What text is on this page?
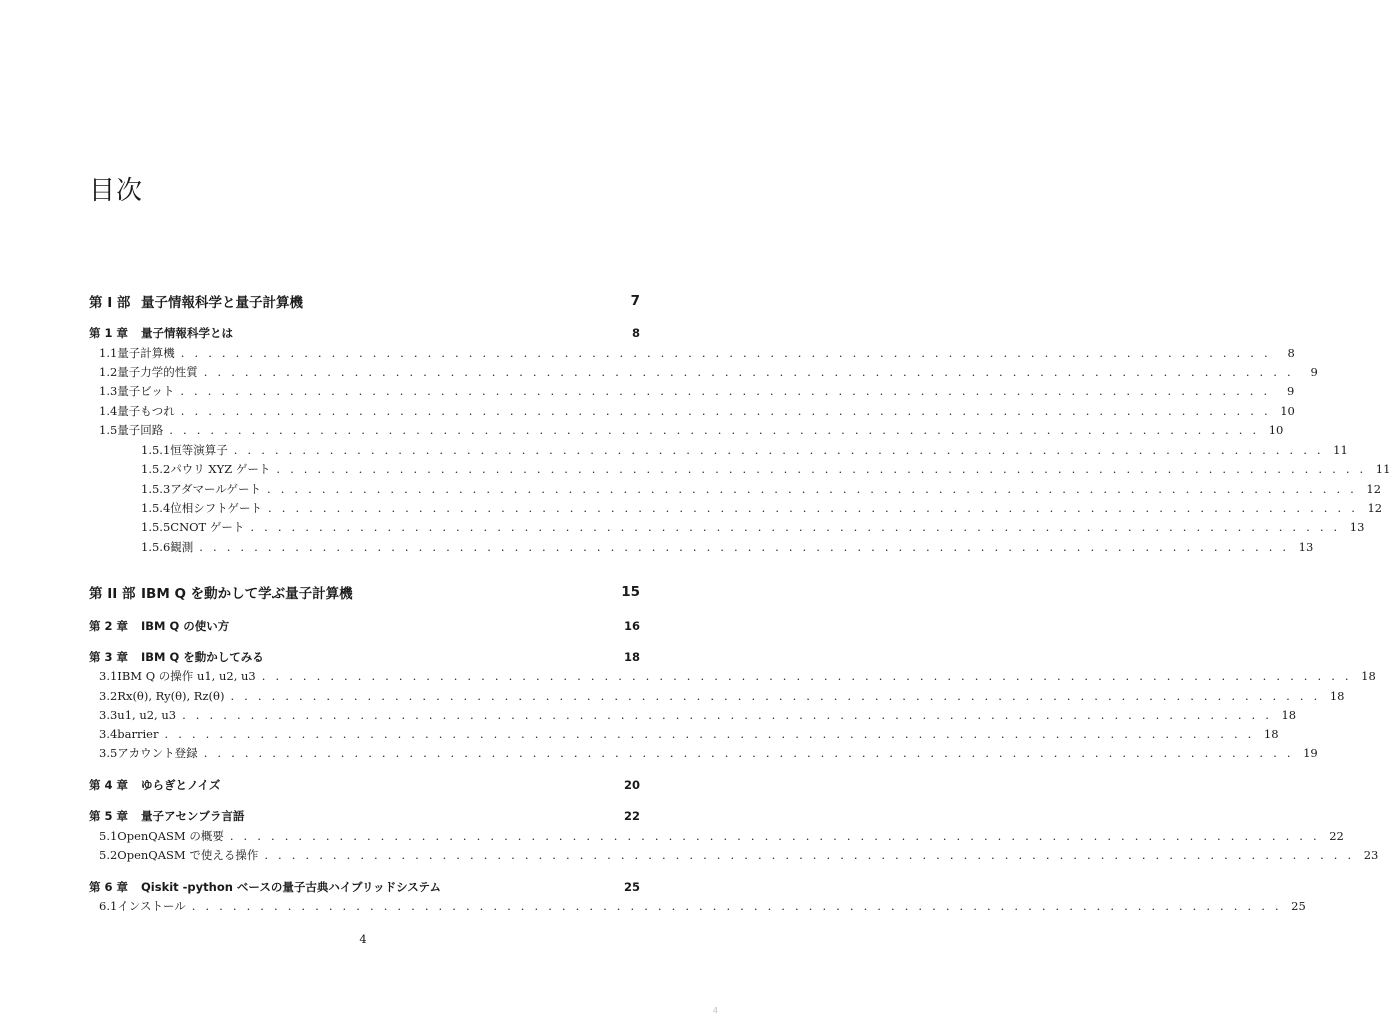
目次
第 I 部 量子情報科学と量子計算機	7
第 1 章	量子情報科学とは	8
1.1 量子計算機 . . . . . . . . . . . . . . . . . . . . . . . . . . . . . . . . . . . . . . . . . . . . . . . . . . . . . . . . . . . . . . . . . . . . . . . . . . . . . . . .	8
1.2 量子力学的性質 . . . . . . . . . . . . . . . . . . . . . . . . . . . . . . . . . . . . . . . . . . . . . . . . . . . . . . . . . . . . . . . . . . . . . . . . . . . . . . . .	9
1.3 量子ビット . . . . . . . . . . . . . . . . . . . . . . . . . . . . . . . . . . . . . . . . . . . . . . . . . . . . . . . . . . . . . . . . . . . . . . . . . . . . . . . .	9
1.4 量子もつれ . . . . . . . . . . . . . . . . . . . . . . . . . . . . . . . . . . . . . . . . . . . . . . . . . . . . . . . . . . . . . . . . . . . . . . . . . . . . . . . . 10
1.5 量子回路 . . . . . . . . . . . . . . . . . . . . . . . . . . . . . . . . . . . . . . . . . . . . . . . . . . . . . . . . . . . . . . . . . . . . . . . . . . . . . . . . 10
1.5.1 恒等演算子 . . . . . . . . . . . . . . . . . . . . . . . . . . . . . . . . . . . . . . . . . . . . . . . . . . . . . . . . . . . . . . . . . . . . . . . . . . . . . . . . 11
1.5.2 パウリ XYZ ゲート . . . . . . . . . . . . . . . . . . . . . . . . . . . . . . . . . . . . . . . . . . . . . . . . . . . . . . . . . . . . . . . . . . . . . . . . . . . . . . . . 11
1.5.3 アダマールゲート . . . . . . . . . . . . . . . . . . . . . . . . . . . . . . . . . . . . . . . . . . . . . . . . . . . . . . . . . . . . . . . . . . . . . . . . . . . . . . . . 12
1.5.4 位相シフトゲート . . . . . . . . . . . . . . . . . . . . . . . . . . . . . . . . . . . . . . . . . . . . . . . . . . . . . . . . . . . . . . . . . . . . . . . . . . . . . . . . 12
1.5.5 CNOT ゲート . . . . . . . . . . . . . . . . . . . . . . . . . . . . . . . . . . . . . . . . . . . . . . . . . . . . . . . . . . . . . . . . . . . . . . . . . . . . . . . . 13
1.5.6 観測 . . . . . . . . . . . . . . . . . . . . . . . . . . . . . . . . . . . . . . . . . . . . . . . . . . . . . . . . . . . . . . . . . . . . . . . . . . . . . . . . 13
第 II 部 IBM Q を動かして学ぶ量子計算機	15
第 2 章	IBM Q の使い方	16
第 3 章	IBM Q を動かしてみる	18
3.1 IBM Q の操作 u1, u2, u3 . . . . . . . . . . . . . . . . . . . . . . . . . . . . . . . . . . . . . . . . . . . . . . . . . . . . . . . . . . . . . . . . . . . . . . . . . . . . . . . . 18
3.2 Rx(θ), Ry(θ), Rz(θ) . . . . . . . . . . . . . . . . . . . . . . . . . . . . . . . . . . . . . . . . . . . . . . . . . . . . . . . . . . . . . . . . . . . . . . . . . . . . . . . . 18
3.3 u1, u2, u3 . . . . . . . . . . . . . . . . . . . . . . . . . . . . . . . . . . . . . . . . . . . . . . . . . . . . . . . . . . . . . . . . . . . . . . . . . . . . . . . . 18
3.4 barrier . . . . . . . . . . . . . . . . . . . . . . . . . . . . . . . . . . . . . . . . . . . . . . . . . . . . . . . . . . . . . . . . . . . . . . . . . . . . . . . . 18
3.5 アカウント登録 . . . . . . . . . . . . . . . . . . . . . . . . . . . . . . . . . . . . . . . . . . . . . . . . . . . . . . . . . . . . . . . . . . . . . . . . . . . . . . . . 19
第 4 章	ゆらぎとノイズ	20
第 5 章	量子アセンブラ言語	22
5.1 OpenQASM の概要 . . . . . . . . . . . . . . . . . . . . . . . . . . . . . . . . . . . . . . . . . . . . . . . . . . . . . . . . . . . . . . . . . . . . . . . . . . . . . . . . 22
5.2 OpenQASM で使える操作 . . . . . . . . . . . . . . . . . . . . . . . . . . . . . . . . . . . . . . . . . . . . . . . . . . . . . . . . . . . . . . . . . . . . . . . . . . . . . . . . 23
第 6 章	Qiskit -python ベースの量子古典ハイブリッドシステム	25
6.1 インストール . . . . . . . . . . . . . . . . . . . . . . . . . . . . . . . . . . . . . . . . . . . . . . . . . . . . . . . . . . . . . . . . . . . . . . . . . . . . . . . . 25
4
4
